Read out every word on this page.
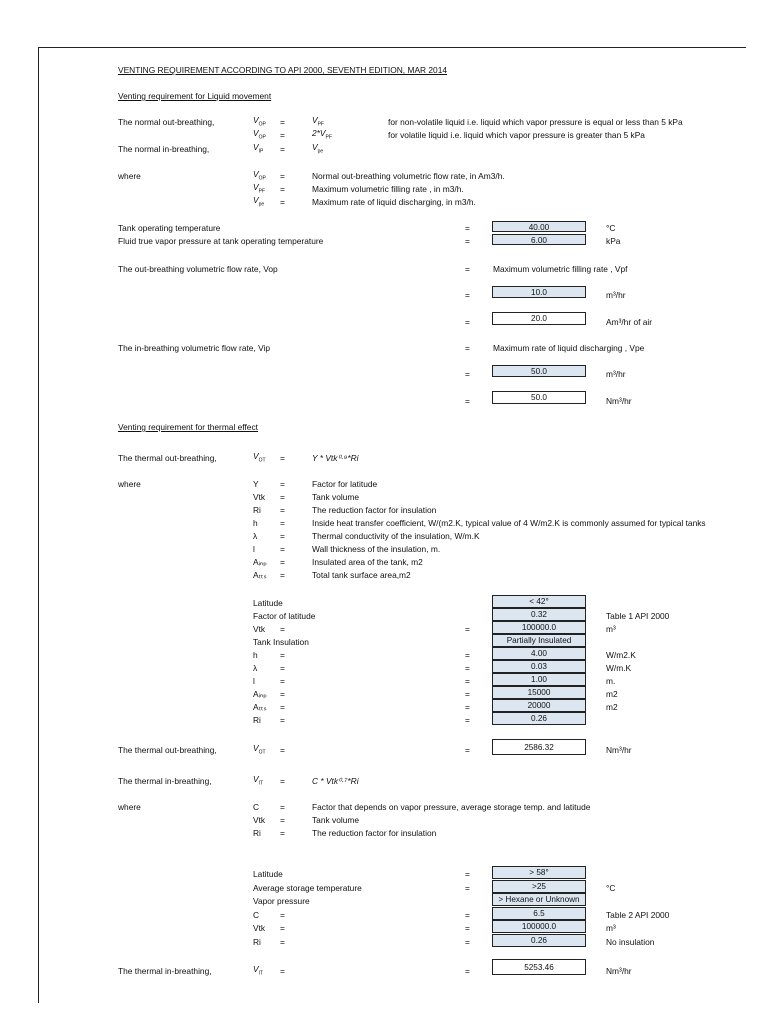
VENTING REQUIREMENT ACCORDING TO API 2000, SEVENTH EDITION, MAR 2014
Venting requirement for Liquid movement
The normal out-breathing,	$V_{OP}$ =	$V_{PF}$	for non-volatile liquid i.e. liquid which vapor pressure is equal or less than 5 kPa
$V_{OP}$ =	$2*V_{PF}$	for volatile liquid i.e. liquid which vapor pressure is greater than 5 kPa
The normal in-breathing,	$V_{IP}$ =	$V_{pe}$
where	$V_{OP}$ =	Normal out-breathing volumetric flow rate, in Am3/h.
$V_{PF}$ =	Maximum volumetric filling rate , in m3/h.
$V_{pe}$ =	Maximum rate of liquid discharging, in m3/h.
Tank operating temperature	=	40.00	°C
Fluid true vapor pressure at tank operating temperature	=	6.00	kPa
The out-breathing volumetric flow rate, Vop	=	Maximum volumetric filling rate , Vpf
=	10.0	m³/hr
=	20.0	Am³/hr of air
The in-breathing volumetric flow rate, Vip	=	Maximum rate of liquid discharging , Vpe
=	50.0	m³/hr
=	50.0	Nm³/hr
Venting requirement for thermal effect
The thermal out-breathing,	$V_{OT}$ =	Y * Vtk⁰·⁹*Ri
where	Y	=	Factor for latitude
Vtk =	Tank volume
Ri =	The reduction factor for insulation
h	=	Inside heat transfer coefficient, W/(m2.K, typical value of 4 W/m2.K is commonly assumed for typical tanks
λ	=	Thermal conductivity of the insulation, W/m.K
l	=	Wall thickness of the insulation, m.
Aᵢₙₚ =	Insulated area of the tank, m2
Aₜₜₛ =	Total tank surface area,m2
Latitude	< 42°
Factor of latitude	0.32	Table 1 API 2000
Vtk =	=	100000.0	m³
Tank Insulation	Partially Insulated
h	=	=	4.00	W/m2.K
λ	=	=	0.03	W/m.K
l	=	=	1.00	m.
Aᵢₙₚ =	=	15000	m2
Aₜₜₛ =	=	20000	m2
Ri =	=	0.26
The thermal out-breathing,	$V_{OT}$ =	=	2586.32	Nm³/hr
The thermal in-breathing,	$V_{IT}$ =	C * Vtk⁰·⁷*Ri
where	C =	Factor that depends on vapor pressure, average storage temp. and latitude
Vtk =	Tank volume
Ri =	The reduction factor for insulation
Latitude	=	> 58°
Average storage temperature	=	>25	°C
Vapor pressure	> Hexane or Unknown
C =	=	6.5	Table 2 API 2000
Vtk =	=	100000.0	m³
Ri =	=	0.26	No insulation
The thermal in-breathing,	$V_{IT}$ =	=	5253.46	Nm³/hr
